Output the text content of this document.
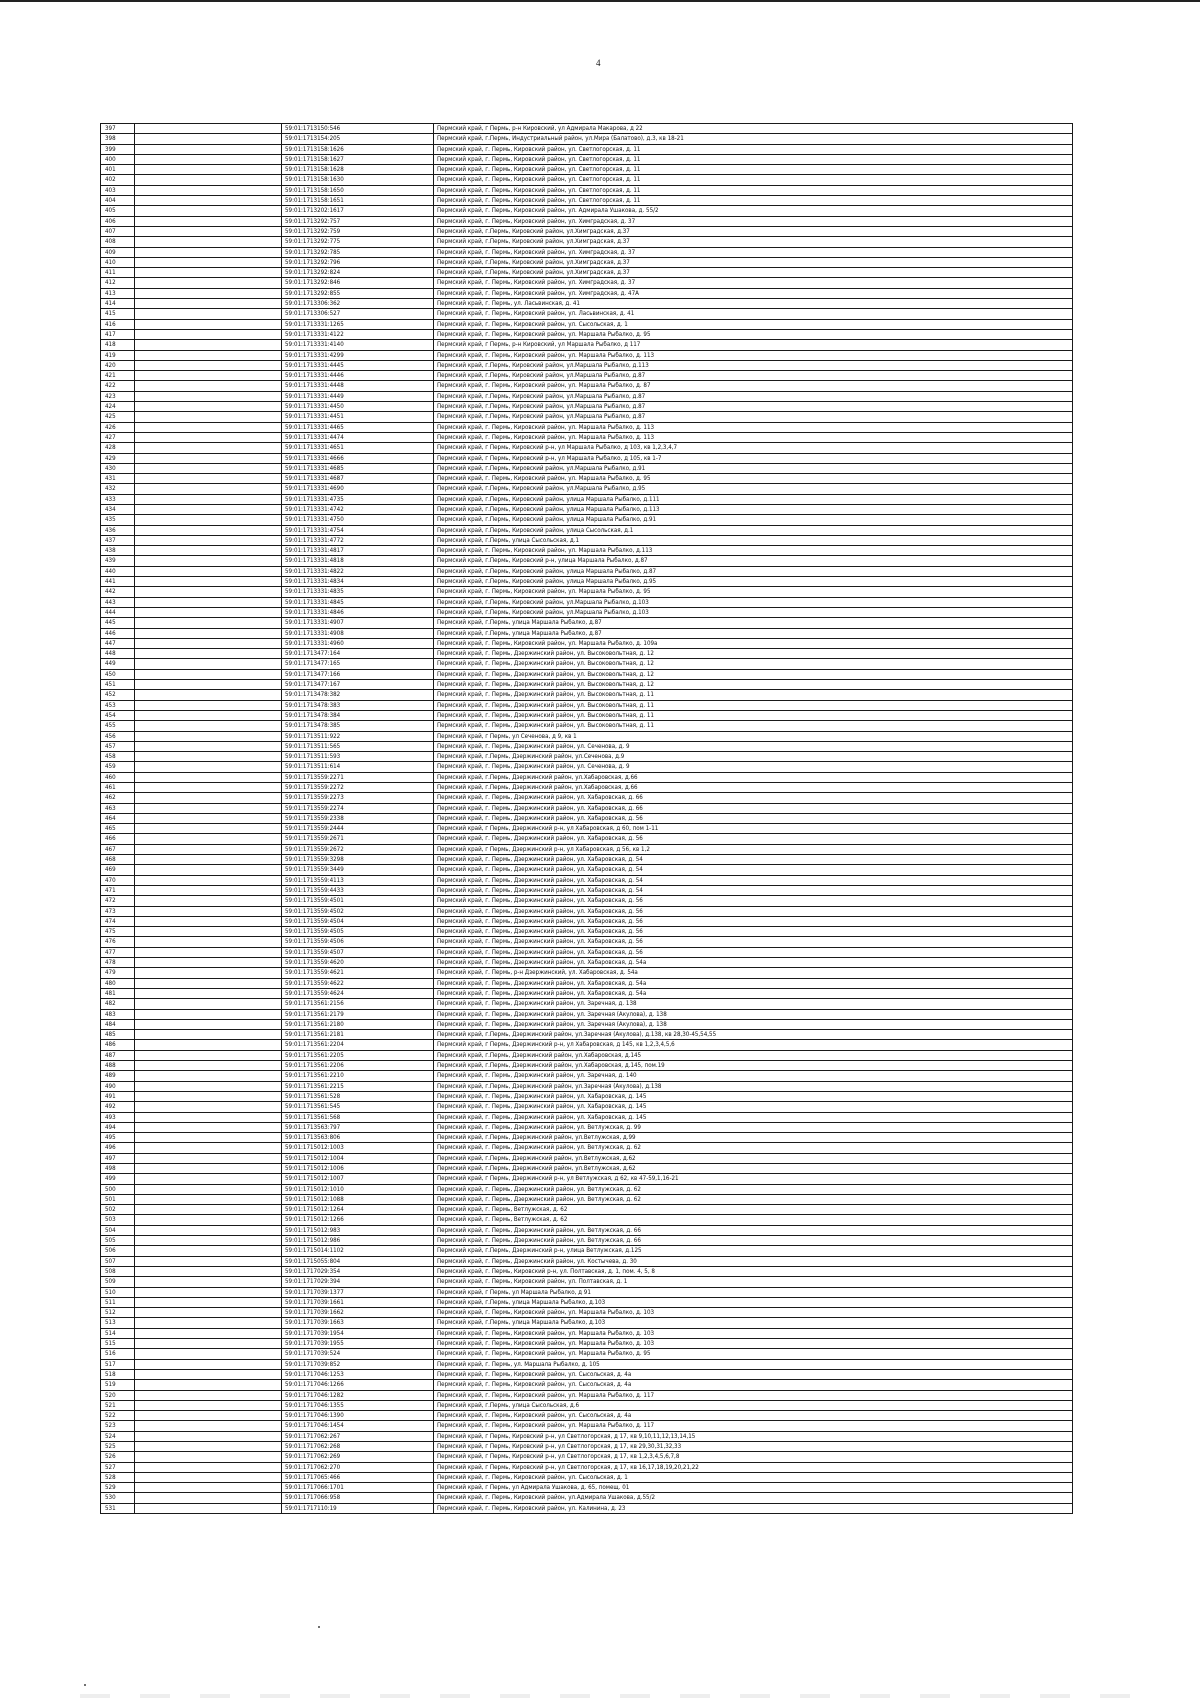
4
397		59:01:1713150:546	Пермский край, г Пермь, р-н Кировский, ул Адмирала Макарова, д 22
398		59:01:1713154:205	Пермский край, г.Пермь, Индустриальный район, ул.Мира (Балатово), д.3, кв 18-21
399		59:01:1713158:1626	Пермский край, г. Пермь, Кировский район, ул. Светлогорская, д. 11
400		59:01:1713158:1627	Пермский край, г. Пермь, Кировский район, ул. Светлогорская, д. 11
401		59:01:1713158:1628	Пермский край, г. Пермь, Кировский район, ул. Светлогорская, д. 11
402		59:01:1713158:1630	Пермский край, г. Пермь, Кировский район, ул. Светлогорская, д. 11
403		59:01:1713158:1650	Пермский край, г. Пермь, Кировский район, ул. Светлогорская, д. 11
404		59:01:1713158:1651	Пермский край, г. Пермь, Кировский район, ул. Светлогорская, д. 11
405		59:01:1713202:1617	Пермский край, г. Пермь, Кировский район, ул. Адмирала Ушакова, д. 55/2
406		59:01:1713292:757	Пермский край, г. Пермь, Кировский район, ул. Химградская, д. 37
407		59:01:1713292:759	Пермский край, г.Пермь, Кировский район, ул.Химградская, д.37
408		59:01:1713292:775	Пермский край, г.Пермь, Кировский район, ул.Химградская, д.37
409		59:01:1713292:785	Пермский край, г. Пермь, Кировский район, ул. Химградская, д. 37
410		59:01:1713292:796	Пермский край, г.Пермь, Кировский район, ул.Химградская, д.37
411		59:01:1713292:824	Пермский край, г.Пермь, Кировский район, ул.Химградская, д.37
412		59:01:1713292:846	Пермский край, г. Пермь, Кировский район, ул. Химградская, д. 37
413		59:01:1713292:855	Пермский край, г. Пермь, Кировский район, ул. Химградская, д. 47А
414		59:01:1713306:362	Пермский край, г. Пермь, ул. Ласьвинская, д. 41
415		59:01:1713306:527	Пермский край, г. Пермь, Кировский район, ул. Ласьвинская, д. 41
416		59:01:1713331:1265	Пермский край, г. Пермь, Кировский район, ул. Сысольская, д. 1
417		59:01:1713331:4122	Пермский край, г. Пермь, Кировский район, ул. Маршала Рыбалко, д. 95
418		59:01:1713331:4140	Пермский край, г Пермь, р-н Кировский, ул Маршала Рыбалко, д 117
419		59:01:1713331:4299	Пермский край, г. Пермь, Кировский район, ул. Маршала Рыбалко, д. 113
420		59:01:1713331:4445	Пермский край, г.Пермь, Кировский район, ул.Маршала Рыбалко, д.113
421		59:01:1713331:4446	Пермский край, г.Пермь, Кировский район, ул.Маршала Рыбалко, д.87
422		59:01:1713331:4448	Пермский край, г. Пермь, Кировский район, ул. Маршала Рыбалко, д. 87
423		59:01:1713331:4449	Пермский край, г.Пермь, Кировский район, ул.Маршала Рыбалко, д.87
424		59:01:1713331:4450	Пермский край, г.Пермь, Кировский район, ул.Маршала Рыбалко, д.87
425		59:01:1713331:4451	Пермский край, г.Пермь, Кировский район, ул.Маршала Рыбалко, д.87
426		59:01:1713331:4465	Пермский край, г. Пермь, Кировский район, ул. Маршала Рыбалко, д. 113
427		59:01:1713331:4474	Пермский край, г. Пермь, Кировский район, ул. Маршала Рыбалко, д. 113
428		59:01:1713331:4651	Пермский край, г Пермь, Кировский р-н, ул Маршала Рыбалко, д 103, кв 1,2,3,4,7
429		59:01:1713331:4666	Пермский край, г Пермь, Кировский р-н, ул Маршала Рыбалко, д 105, кв 1-7
430		59:01:1713331:4685	Пермский край, г.Пермь, Кировский район, ул.Маршала Рыбалко, д.91
431		59:01:1713331:4687	Пермский край, г. Пермь, Кировский район, ул. Маршала Рыбалко, д. 95
432		59:01:1713331:4690	Пермский край, г.Пермь, Кировский район, ул.Маршала Рыбалко, д.95
433		59:01:1713331:4735	Пермский край, г.Пермь, Кировский район, улица Маршала Рыбалко, д.111
434		59:01:1713331:4742	Пермский край, г.Пермь, Кировский район, улица Маршала Рыбалко, д.113
435		59:01:1713331:4750	Пермский край, г.Пермь, Кировский район, улица Маршала Рыбалко, д.91
436		59:01:1713331:4754	Пермский край, г.Пермь, Кировский район, улица Сысольская, д.1
437		59:01:1713331:4772	Пермский край, г.Пермь, улица Сысольская, д.1
438		59:01:1713331:4817	Пермский край, г. Пермь, Кировский район, ул. Маршала Рыбалко, д.113
439		59:01:1713331:4818	Пермский край, г.Пермь, Кировский р-н, улица Маршала Рыбалко, д.87
440		59:01:1713331:4822	Пермский край, г.Пермь, Кировский район, улица Маршала Рыбалко, д.87
441		59:01:1713331:4834	Пермский край, г.Пермь, Кировский район, улица Маршала Рыбалко, д.95
442		59:01:1713331:4835	Пермский край, г. Пермь, Кировский район, ул. Маршала Рыбалко, д. 95
443		59:01:1713331:4845	Пермский край, г.Пермь, Кировский район, ул.Маршала Рыбалко, д.103
444		59:01:1713331:4846	Пермский край, г.Пермь, Кировский район, ул.Маршала Рыбалко, д.103
445		59:01:1713331:4907	Пермский край, г.Пермь, улица Маршала Рыбалко, д.87
446		59:01:1713331:4908	Пермский край, г.Пермь, улица Маршала Рыбалко, д.87
447		59:01:1713331:4960	Пермский край, г. Пермь, Кировский район, ул. Маршала Рыбалко, д. 109а
448		59:01:1713477:164	Пермский край, г. Пермь, Дзержинский район, ул. Высоковольтная, д. 12
449		59:01:1713477:165	Пермский край, г. Пермь, Дзержинский район, ул. Высоковольтная, д. 12
450		59:01:1713477:166	Пермский край, г. Пермь, Дзержинский район, ул. Высоковольтная, д. 12
451		59:01:1713477:167	Пермский край, г. Пермь, Дзержинский район, ул. Высоковольтная, д. 12
452		59:01:1713478:382	Пермский край, г. Пермь, Дзержинский район, ул. Высоковольтная, д. 11
453		59:01:1713478:383	Пермский край, г. Пермь, Дзержинский район, ул. Высоковольтная, д. 11
454		59:01:1713478:384	Пермский край, г. Пермь, Дзержинский район, ул. Высоковольтная, д. 11
455		59:01:1713478:385	Пермский край, г. Пермь, Дзержинский район, ул. Высоковольтная, д. 11
456		59:01:1713511:922	Пермский край, г Пермь, ул Сеченова, д 9, кв 1
457		59:01:1713511:565	Пермский край, г. Пермь, Дзержинский район, ул. Сеченова, д. 9
458		59:01:1713511:593	Пермский край, г.Пермь, Дзержинский район, ул.Сеченова, д.9
459		59:01:1713511:614	Пермский край, г. Пермь, Дзержинский район, ул. Сеченова, д. 9
460		59:01:1713559:2271	Пермский край, г.Пермь, Дзержинский район, ул.Хабаровская, д.66
461		59:01:1713559:2272	Пермский край, г.Пермь, Дзержинский район, ул.Хабаровская, д.66
462		59:01:1713559:2273	Пермский край, г. Пермь, Дзержинский район, ул. Хабаровская, д. 66
463		59:01:1713559:2274	Пермский край, г. Пермь, Дзержинский район, ул. Хабаровская, д. 66
464		59:01:1713559:2338	Пермский край, г. Пермь, Дзержинский район, ул. Хабаровская, д. 56
465		59:01:1713559:2444	Пермский край, г Пермь, Дзержинский р-н, ул Хабаровская, д 60, пом 1-11
466		59:01:1713559:2671	Пермский край, г. Пермь, Дзержинский район, ул. Хабаровская, д. 56
467		59:01:1713559:2672	Пермский край, г Пермь, Дзержинский р-н, ул Хабаровская, д 56, кв 1,2
468		59:01:1713559:3298	Пермский край, г. Пермь, Дзержинский район, ул. Хабаровская, д. 54
469		59:01:1713559:3449	Пермский край, г. Пермь, Дзержинский район, ул. Хабаровская, д. 54
470		59:01:1713559:4113	Пермский край, г. Пермь, Дзержинский район, ул. Хабаровская, д. 54
471		59:01:1713559:4433	Пермский край, г. Пермь, Дзержинский район, ул. Хабаровская, д. 54
472		59:01:1713559:4501	Пермский край, г. Пермь, Дзержинский район, ул. Хабаровская, д. 56
473		59:01:1713559:4502	Пермский край, г. Пермь, Дзержинский район, ул. Хабаровская, д. 56
474		59:01:1713559:4504	Пермский край, г. Пермь, Дзержинский район, ул. Хабаровская, д. 56
475		59:01:1713559:4505	Пермский край, г. Пермь, Дзержинский район, ул. Хабаровская, д. 56
476		59:01:1713559:4506	Пермский край, г. Пермь, Дзержинский район, ул. Хабаровская, д. 56
477		59:01:1713559:4507	Пермский край, г. Пермь, Дзержинский район, ул. Хабаровская, д. 56
478		59:01:1713559:4620	Пермский край, г. Пермь, Дзержинский район, ул. Хабаровская, д. 54а
479		59:01:1713559:4621	Пермский край, г. Пермь, р-н Дзержинский, ул. Хабаровская, д. 54а
480		59:01:1713559:4622	Пермский край, г. Пермь, Дзержинский район, ул. Хабаровская, д. 54а
481		59:01:1713559:4624	Пермский край, г. Пермь, Дзержинский район, ул. Хабаровская, д. 54а
482		59:01:1713561:2156	Пермский край, г. Пермь, Дзержинский район, ул. Заречная, д. 138
483		59:01:1713561:2179	Пермский край, г. Пермь, Дзержинский район, ул. Заречная (Акулова), д. 138
484		59:01:1713561:2180	Пермский край, г. Пермь, Дзержинский район, ул. Заречная (Акулова), д. 138
485		59:01:1713561:2181	Пермский край, г.Пермь, Дзержинский район, ул.Заречная (Акулова), д.138, кв 28,30-45,54,55
486		59:01:1713561:2204	Пермский край, г Пермь, Дзержинский р-н, ул Хабаровская, д 145, кв 1,2,3,4,5,6
487		59:01:1713561:2205	Пермский край, г.Пермь, Дзержинский район, ул.Хабаровская, д.145
488		59:01:1713561:2206	Пермский край, г.Пермь, Дзержинский район, ул.Хабаровская, д.145, пом.19
489		59:01:1713561:2210	Пермский край, г. Пермь, Дзержинский район, ул. Заречная, д. 140
490		59:01:1713561:2215	Пермский край, г.Пермь, Дзержинский район, ул.Заречная (Акулова), д.138
491		59:01:1713561:528	Пермский край, г. Пермь, Дзержинский район, ул. Хабаровская, д. 145
492		59:01:1713561:545	Пермский край, г. Пермь, Дзержинский район, ул. Хабаровская, д. 145
493		59:01:1713561:568	Пермский край, г. Пермь, Дзержинский район, ул. Хабаровская, д. 145
494		59:01:1713563:797	Пермский край, г. Пермь, Дзержинский район, ул. Ветлужская, д. 99
495		59:01:1713563:806	Пермский край, г.Пермь, Дзержинский район, ул.Ветлужская, д.99
496		59:01:1715012:1003	Пермский край, г. Пермь, Дзержинский район, ул. Ветлужская, д. 62
497		59:01:1715012:1004	Пермский край, г.Пермь, Дзержинский район, ул.Ветлужская, д.62
498		59:01:1715012:1006	Пермский край, г.Пермь, Дзержинский район, ул.Ветлужская, д.62
499		59:01:1715012:1007	Пермский край, г Пермь, Дзержинский р-н, ул Ветлужская, д 62, кв 47-59,1,16-21
500		59:01:1715012:1010	Пермский край, г. Пермь, Дзержинский район, ул. Ветлужская, д. 62
501		59:01:1715012:1088	Пермский край, г. Пермь, Дзержинский район, ул. Ветлужская, д. 62
502		59:01:1715012:1264	Пермский край, г. Пермь, Ветлужская, д. 62
503		59:01:1715012:1266	Пермский край, г. Пермь, Ветлужская, д. 62
504		59:01:1715012:983	Пермский край, г. Пермь, Дзержинский район, ул. Ветлужская, д. 66
505		59:01:1715012:986	Пермский край, г. Пермь, Дзержинский район, ул. Ветлужская, д. 66
506		59:01:1715014:1102	Пермский край, г.Пермь, Дзержинский р-н, улица Ветлужская, д.125
507		59:01:1715055:804	Пермский край, г. Пермь, Дзержинский район, ул. Костычева, д. 30
508		59:01:1717029:354	Пермский край, г. Пермь, Кировский р-н, ул. Полтавская, д. 1, пом. 4, 5, 8
509		59:01:1717029:394	Пермский край, г. Пермь, Кировский район, ул. Полтавская, д. 1
510		59:01:1717039:1377	Пермский край, г Пермь, ул Маршала Рыбалко, д 91
511		59:01:1717039:1661	Пермский край, г.Пермь, улица Маршала Рыбалко, д.103
512		59:01:1717039:1662	Пермский край, г. Пермь, Кировский район, ул. Маршала Рыбалко, д. 103
513		59:01:1717039:1663	Пермский край, г.Пермь, улица Маршала Рыбалко, д.103
514		59:01:1717039:1954	Пермский край, г. Пермь, Кировский район, ул. Маршала Рыбалко, д. 103
515		59:01:1717039:1955	Пермский край, г. Пермь, Кировский район, ул. Маршала Рыбалко, д. 103
516		59:01:1717039:524	Пермский край, г. Пермь, Кировский район, ул. Маршала Рыбалко, д. 95
517		59:01:1717039:852	Пермский край, г. Пермь, ул. Маршала Рыбалко, д. 105
518		59:01:1717046:1253	Пермский край, г. Пермь, Кировский район, ул. Сысольская, д. 4а
519		59:01:1717046:1266	Пермский край, г. Пермь, Кировский район, ул. Сысольская, д. 4а
520		59:01:1717046:1282	Пермский край, г. Пермь, Кировский район, ул. Маршала Рыбалко, д. 117
521		59:01:1717046:1355	Пермский край, г.Пермь, улица Сысольская, д.6
522		59:01:1717046:1390	Пермский край, г. Пермь, Кировский район, ул. Сысольская, д. 4а
523		59:01:1717046:1454	Пермский край, г. Пермь, Кировский район, ул. Маршала Рыбалко, д. 117
524		59:01:1717062:267	Пермский край, г Пермь, Кировский р-н, ул Светлогорская, д 17, кв 9,10,11,12,13,14,15
525		59:01:1717062:268	Пермский край, г Пермь, Кировский р-н, ул Светлогорская, д 17, кв 29,30,31,32,33
526		59:01:1717062:269	Пермский край, г Пермь, Кировский р-н, ул Светлогорская, д 17, кв 1,2,3,4,5,6,7,8
527		59:01:1717062:270	Пермский край, г Пермь, Кировский р-н, ул Светлогорская, д 17, кв 16,17,18,19,20,21,22
528		59:01:1717065:466	Пермский край, г. Пермь, Кировский район, ул. Сысольская, д. 1
529		59:01:1717066:1701	Пермский край, г Пермь, ул Адмирала Ушакова, д. 65, помещ. 01
530		59:01:1717066:958	Пермский край, г. Пермь, Кировский район, ул.Адмирала Ушакова, д.55/2
531		59:01:1717110:19	Пермский край, г. Пермь, Кировский район, ул. Калинина, д. 23
